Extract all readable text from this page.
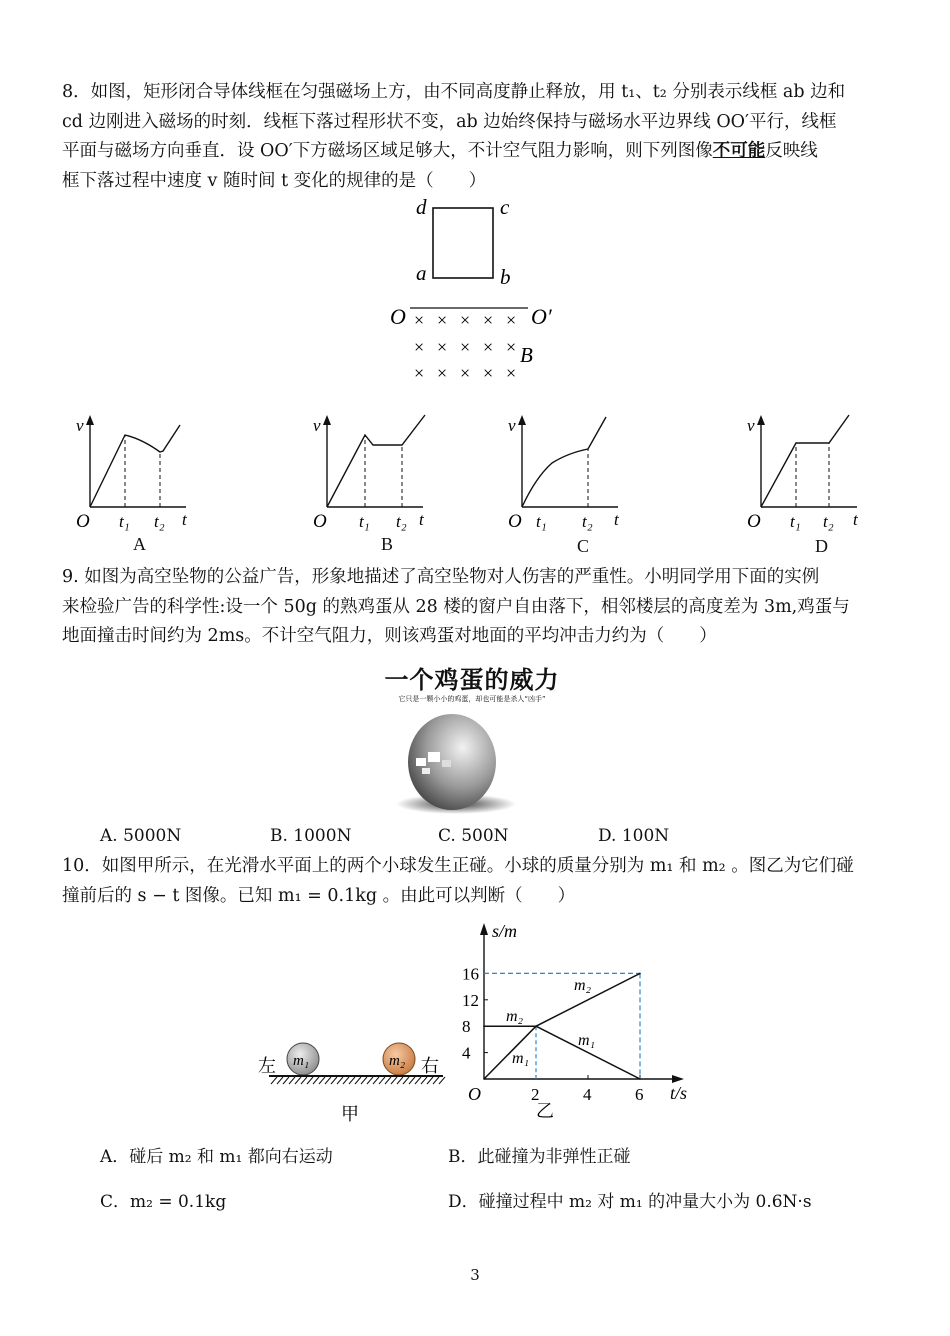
8．如图，矩形闭合导体线框在匀强磁场上方，由不同高度静止释放，用 t₁、t₂ 分别表示线框 ab 边和

cd 边刚进入磁场的时刻．线框下落过程形状不变，ab 边始终保持与磁场水平边界线 OO′平行，线框

平面与磁场方向垂直．设 OO′下方磁场区域足够大，不计空气阻力影响，则下列图像不可能反映线

框下落过程中速度 v 随时间 t 变化的规律的是（　　）

d	c
a	b
O	O′
B
× × × × ×
× × × × ×
× × × × ×
v
O t₁ t₂ t
v
O t₁ t₂ t
v
O t₁ t₂ t
v
O t₁ t₂ t
A	B	C	D

9. 如图为高空坠物的公益广告，形象地描述了高空坠物对人伤害的严重性。小明同学用下面的实例

来检验广告的科学性:设一个 50g 的熟鸡蛋从 28 楼的窗户自由落下，相邻楼层的高度差为 3m,鸡蛋与

地面撞击时间约为 2ms。不计空气阻力，则该鸡蛋对地面的平均冲击力约为（　　）

一个鸡蛋的威力
它只是一颗小小的鸡蛋，却也可能是杀人“凶手”
A. 5000N	B. 1000N	C. 500N	D. 100N

10．如图甲所示，在光滑水平面上的两个小球发生正碰。小球的质量分别为 m₁ 和 m₂ 。图乙为它们碰

撞前后的 s − t 图像。已知 m₁ = 0.1kg 。由此可以判断（　　）

左	右
m₁	m₂
甲
s/m
t/s
O
16
12
8
4
2	4	6
m₂
m₁
m₂
m₁
乙
A．碰后 m₂ 和 m₁ 都向右运动	B．此碰撞为非弹性正碰
C．m₂ = 0.1kg	D．碰撞过程中 m₂ 对 m₁ 的冲量大小为 0.6N·s
3
